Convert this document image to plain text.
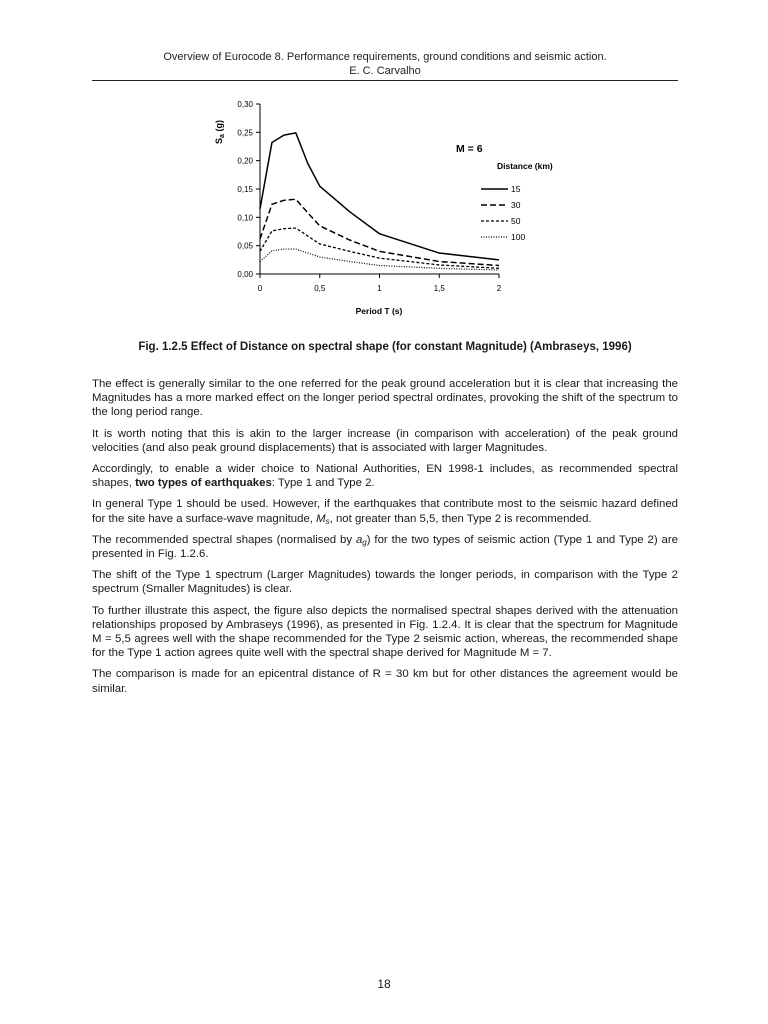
Overview of Eurocode 8. Performance requirements, ground conditions and seismic action.
E. C. Carvalho
0,00
0,05
0,10
0,15
0,20
0,25
0,30
0	0,5	1	1,5	2
$S_a$ (g)
Period T (s)
M = 6
Distance (km)
15
30
50
100
Fig. 1.2.5 Effect of Distance on spectral shape (for constant Magnitude) (Ambraseys, 1996)

The effect is generally similar to the one referred for the peak ground acceleration but it is clear that increasing the Magnitudes has a more marked effect on the longer period spectral ordinates, provoking the shift of the spectrum to the long period range.

It is worth noting that this is akin to the larger increase (in comparison with acceleration) of the peak ground velocities (and also peak ground displacements) that is associated with larger Magnitudes.

Accordingly, to enable a wider choice to National Authorities, EN 1998-1 includes, as recommended spectral shapes, two types of earthquakes: Type 1 and Type 2.

In general Type 1 should be used. However, if the earthquakes that contribute most to the seismic hazard defined for the site have a surface-wave magnitude, $M_s$, not greater than 5,5, then Type 2 is recommended.

The recommended spectral shapes (normalised by $a_g$) for the two types of seismic action (Type 1 and Type 2) are presented in Fig. 1.2.6.

The shift of the Type 1 spectrum (Larger Magnitudes) towards the longer periods, in comparison with the Type 2 spectrum (Smaller Magnitudes) is clear.

To further illustrate this aspect, the figure also depicts the normalised spectral shapes derived with the attenuation relationships proposed by Ambraseys (1996), as presented in Fig. 1.2.4. It is clear that the spectrum for Magnitude M = 5,5 agrees well with the shape recommended for the Type 2 seismic action, whereas, the recommended shape for the Type 1 action agrees quite well with the spectral shape derived for Magnitude M = 7.

The comparison is made for an epicentral distance of R = 30 km but for other distances the agreement would be similar.

18
